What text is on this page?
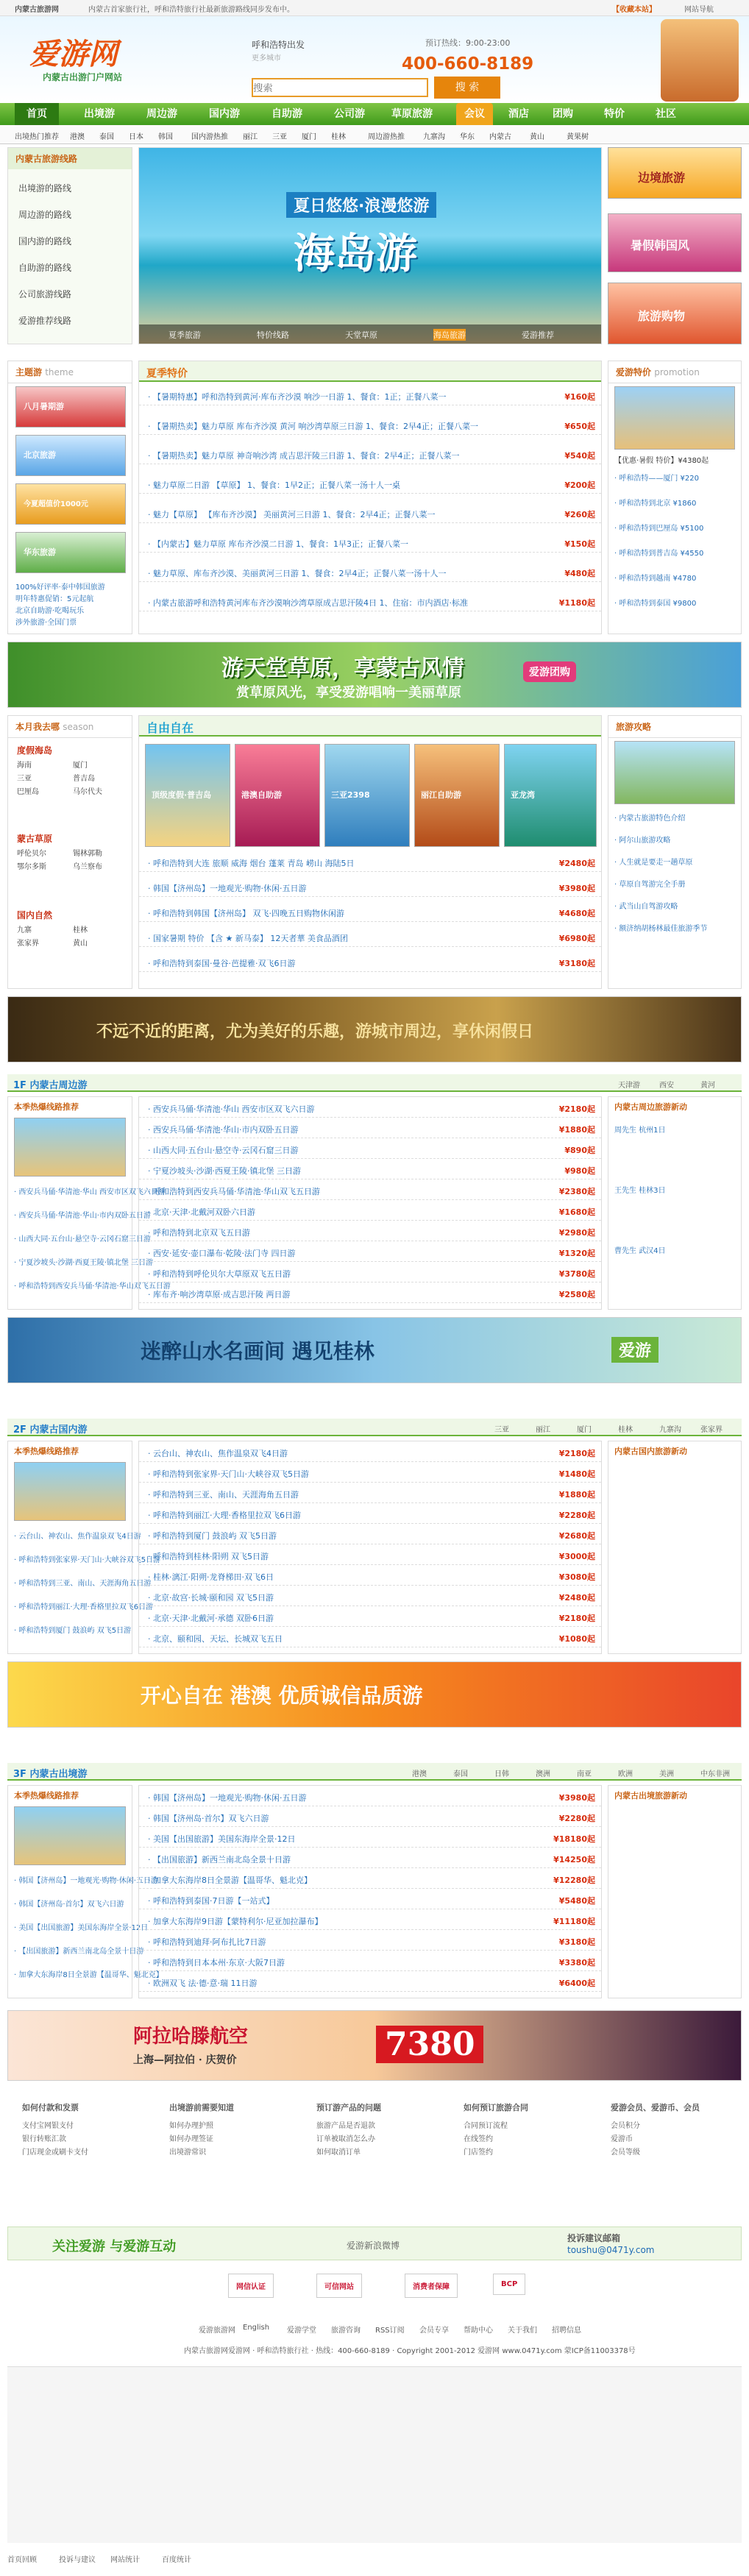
内蒙古旅游网	内蒙古首家旅行社，呼和浩特旅行社最新旅游路线同步发布中。	【收藏本站】	网站导航
爱游网
内蒙古出游门户网站
呼和浩特出发
更多城市
预订热线：9:00-23:00
400-660-8189
搜索
搜 索
首页	出境游	周边游	国内游	自助游	公司游	草原旅游	会议	酒店	团购	特价	社区
出境热门推荐 港澳 泰国 日本 韩国	国内游热推 丽江 三亚 厦门 桂林	周边游热推	九寨沟 华东 内蒙古	黄山	黄果树
内蒙古旅游线路
出境游的路线
周边游的路线
国内游的路线
自助游的路线
公司旅游线路
爱游推荐线路
夏日悠悠·浪漫悠游
海岛游
夏季旅游	特价线路	天堂草原	海岛旅游	爱游推荐
边境旅游
暑假韩国风
旅游购物
主题游 theme
八月暑期游
北京旅游
今夏超值价1000元
华东旅游
100%好评率·泰中韩国旅游
明年特惠促销：5元起航
北京自助游·吃喝玩乐
涉外旅游·全国门票
夏季特价
· 【暑期特惠】呼和浩特到黄河·库布齐沙漠 响沙一日游 1、餐食：1正；正餐八菜一	¥160起
· 【暑期热卖】魅力草原 库布齐沙漠 黄河 响沙湾草原三日游 1、餐食：2早4正；正餐八菜一	¥650起
· 【暑期热卖】魅力草原 神奇响沙湾 成吉思汗陵三日游 1、餐食：2早4正；正餐八菜一	¥540起
· 魅力草原二日游 【草原】 1、餐食：1早2正；正餐八菜一汤十人一桌	¥200起
· 魅力【草原】 【库布齐沙漠】 美丽黄河三日游 1、餐食：2早4正；正餐八菜一	¥260起
· 【内蒙古】魅力草原 库布齐沙漠二日游 1、餐食：1早3正；正餐八菜一	¥150起
· 魅力草原、库布齐沙漠、美丽黄河三日游 1、餐食：2早4正；正餐八菜一汤十人一	¥480起
· 内蒙古旅游呼和浩特黄河库布齐沙漠响沙湾草原成吉思汗陵4日 1、住宿：市内酒店·标准	¥1180起
爱游特价 promotion
【优惠·暑假 特价】¥4380起
· 呼和浩特——厦门 ¥220
· 呼和浩特到北京 ¥1860
· 呼和浩特到巴厘岛 ¥5100
· 呼和浩特到普吉岛 ¥4550
· 呼和浩特到越南 ¥4780
· 呼和浩特到泰国 ¥9800
游天堂草原，享蒙古风情
赏草原风光，享受爱游唱响一美丽草原
爱游团购
本月我去哪 season
度假海岛
海南	厦门
三亚	普吉岛
巴厘岛	马尔代夫
蒙古草原
呼伦贝尔	锡林郭勒
鄂尔多斯	乌兰察布
国内自然
九寨	桂林
张家界	黄山
自由自在
顶级度假·普吉岛	港澳自助游	三亚2398	丽江自助游	亚龙湾
· 呼和浩特到大连 旅顺 威海 烟台 蓬莱 青岛 崂山 海陆5日	¥2480起
· 韩国【济州岛】一地观光·购物·休闲·五日游	¥3980起
· 呼和浩特到韩国【济州岛】 双飞·四晚五日购物休闲游	¥4680起
· 国家暑期 特价 【含 ★ 新马泰】 12天者華 美食品酒团	¥6980起
· 呼和浩特到泰国·曼谷·芭提雅·双飞6日游	¥3180起
旅游攻略
· 内蒙古旅游特色介绍
· 阿尔山旅游攻略
· 人生就是要走一趟草原
· 草原自驾游完全手册
· 武当山自驾游攻略
· 额济纳胡杨林最佳旅游季节
不远不近的距离，尤为美好的乐趣，游城市周边，享休闲假日
1F 内蒙古周边游	天津游	西安	黄河
本季热爆线路推荐
· 西安兵马俑·华清池·华山 西安市区双飞六日游
· 西安兵马俑·华清池·华山·市内双卧五日游
· 山西大同·五台山·悬空寺·云冈石窟三日游
· 宁夏沙坡头·沙湖·西夏王陵·镇北堡 三日游
· 呼和浩特到西安兵马俑·华清池·华山双飞五日游
· 西安兵马俑·华清池·华山 西安市区双飞六日游	¥2180起
· 西安兵马俑·华清池·华山·市内双卧五日游	¥1880起
· 山西大同·五台山·悬空寺·云冈石窟三日游	¥890起
· 宁夏沙坡头·沙湖·西夏王陵·镇北堡 三日游	¥980起
· 呼和浩特到西安兵马俑·华清池·华山双飞五日游	¥2380起
· 北京·天津·北戴河双卧六日游	¥1680起
· 呼和浩特到北京双飞五日游	¥2980起
· 西安·延安·壶口瀑布·乾陵·法门寺 四日游	¥1320起
· 呼和浩特到呼伦贝尔大草原双飞五日游	¥3780起
· 库布齐·响沙湾草原·成吉思汗陵 两日游	¥2580起
内蒙古周边旅游新动
周先生 杭州1日
王先生 桂林3日
曹先生 武汉4日
迷醉山水名画间 遇见桂林	爱游
2F 内蒙古国内游	三亚	丽江	厦门	桂林	九寨沟	张家界
本季热爆线路推荐
· 云台山、神农山、焦作温泉双飞4日游
· 呼和浩特到张家界·天门山·大峡谷双飞5日游
· 呼和浩特到三亚、南山、天涯海角五日游
· 呼和浩特到丽江·大理·香格里拉双飞6日游
· 呼和浩特到厦门 鼓浪屿 双飞5日游
· 云台山、神农山、焦作温泉双飞4日游	¥2180起
· 呼和浩特到张家界·天门山·大峡谷双飞5日游	¥1480起
· 呼和浩特到三亚、南山、天涯海角五日游	¥1880起
· 呼和浩特到丽江·大理·香格里拉双飞6日游	¥2280起
· 呼和浩特到厦门 鼓浪屿 双飞5日游	¥2680起
· 呼和浩特到桂林·阳朔 双飞5日游	¥3000起
· 桂林·漓江·阳朔·龙脊梯田·双飞6日	¥3080起
· 北京·故宫·长城·颐和园 双飞5日游	¥2480起
· 北京·天津·北戴河·承德 双卧6日游	¥2180起
· 北京、颐和园、天坛、长城双飞五日	¥1080起
内蒙古国内旅游新动
开心自在 港澳 优质诚信品质游
3F 内蒙古出境游	港澳	泰国	日韩	澳洲	南亚	欧洲	美洲	中东非洲
本季热爆线路推荐
· 韩国【济州岛】一地观光·购物·休闲·五日游
· 韩国【济州岛·首尔】双飞六日游
· 美国【出国旅游】美国东海岸全景·12日
· 【出国旅游】新西兰南北岛全景十日游
· 加拿大东海岸8日全景游【温哥华、魁北克】
· 韩国【济州岛】一地观光·购物·休闲·五日游	¥3980起
· 韩国【济州岛·首尔】双飞六日游	¥2280起
· 美国【出国旅游】美国东海岸全景·12日	¥18180起
· 【出国旅游】新西兰南北岛全景十日游	¥14250起
· 加拿大东海岸8日全景游【温哥华、魁北克】	¥12280起
· 呼和浩特到泰国·7日游【一站式】	¥5480起
· 加拿大东海岸9日游【蒙特利尔·尼亚加拉瀑布】	¥11180起
· 呼和浩特到迪拜·阿布扎比7日游	¥3180起
· 呼和浩特到日本本州·东京·大阪7日游	¥3380起
· 欧洲双飞 法·德·意·瑞 11日游	¥6400起
内蒙古出境旅游新动
阿拉哈滕航空
上海—阿拉伯 · 庆贺价	7380
如何付款和发票
支付宝网银支付
银行转账汇款
门店现金或刷卡支付
出境游前需要知道
如何办理护照
如何办理签证
出境游常识
预订游产品的问题
旅游产品是否退款
订单被取消怎么办
如何取消订单
如何预订旅游合同
合同预订流程
在线签约
门店签约
爱游会员、爱游币、会员
会员积分
爱游币
会员等级
关注爱游 与爱游互动	爱游新浪微博
投诉建议邮箱
toushu@0471y.com
网信认证	可信网站	消费者保障	BCP
爱游旅游网 English 爱游学堂 旅游咨询 RSS订阅 会员专享 帮助中心 关于我们 招聘信息
内蒙古旅游网爱游网 · 呼和浩特旅行社 · 热线：400-660-8189 · Copyright 2001-2012 爱游网 www.0471y.com 蒙ICP备11003378号
首页回顾	投诉与建议 网站统计	百度统计
